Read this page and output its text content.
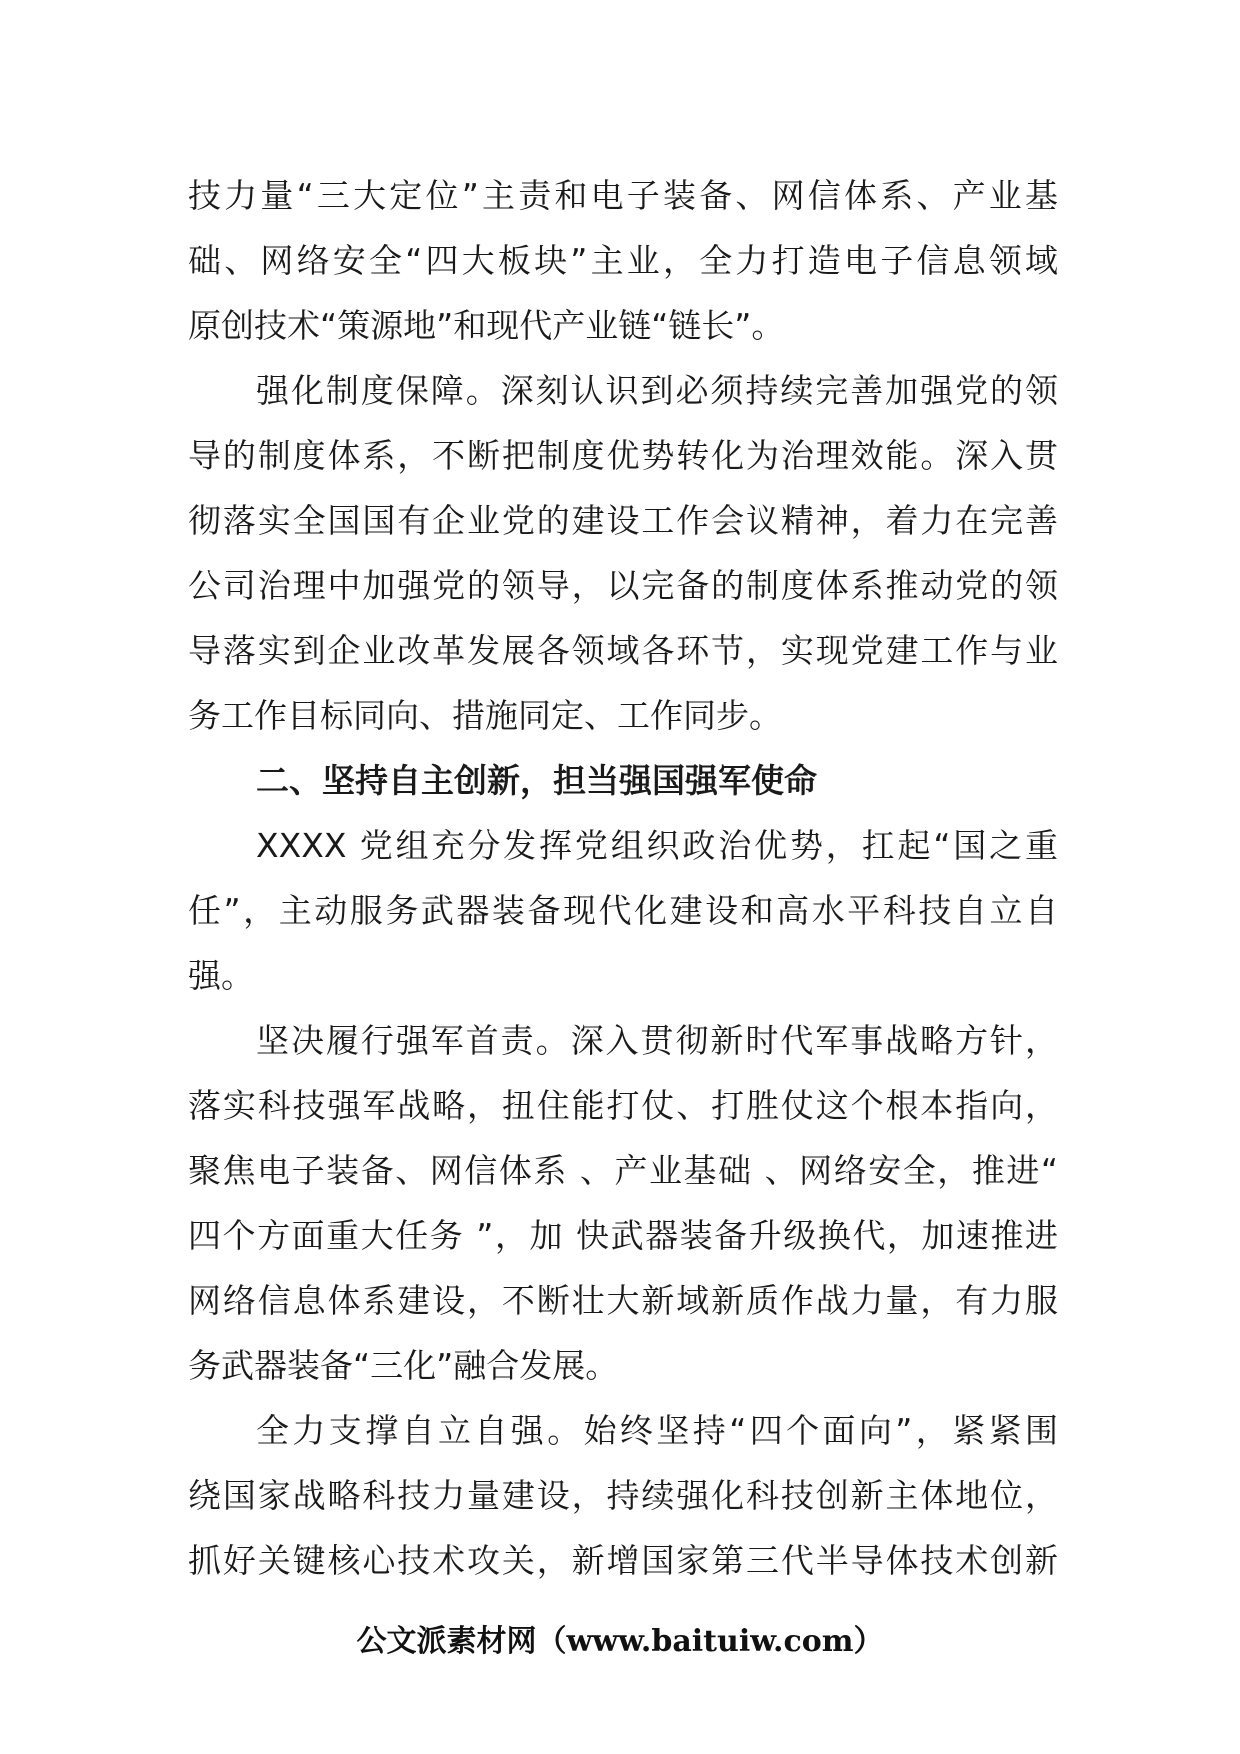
技力量“三大定位”主责和电子装备、网信体系、产业基
础、网络安全“四大板块”主业，全力打造电子信息领域
原创技术“策源地”和现代产业链“链长”。
强化制度保障。深刻认识到必须持续完善加强党的领
导的制度体系，不断把制度优势转化为治理效能。深入贯
彻落实全国国有企业党的建设工作会议精神，着力在完善
公司治理中加强党的领导，以完备的制度体系推动党的领
导落实到企业改革发展各领域各环节，实现党建工作与业
务工作目标同向、措施同定、工作同步。
二、坚持自主创新，担当强国强军使命
XXXX 党组充分发挥党组织政治优势，扛起“国之重
任”，主动服务武器装备现代化建设和高水平科技自立自
强。
坚决履行强军首责。深入贯彻新时代军事战略方针，
落实科技强军战略，扭住能打仗、打胜仗这个根本指向，
聚焦电子装备、网信体系 、产业基础 、网络安全，推进“
四个方面重大任务 ”，加 快武器装备升级换代，加速推进
网络信息体系建设，不断壮大新域新质作战力量，有力服
务武器装备“三化”融合发展。
全力支撑自立自强。始终坚持“四个面向”，紧紧围
绕国家战略科技力量建设，持续强化科技创新主体地位，
抓好关键核心技术攻关，新增国家第三代半导体技术创新
公文派素材网（www.baituiw.com）
